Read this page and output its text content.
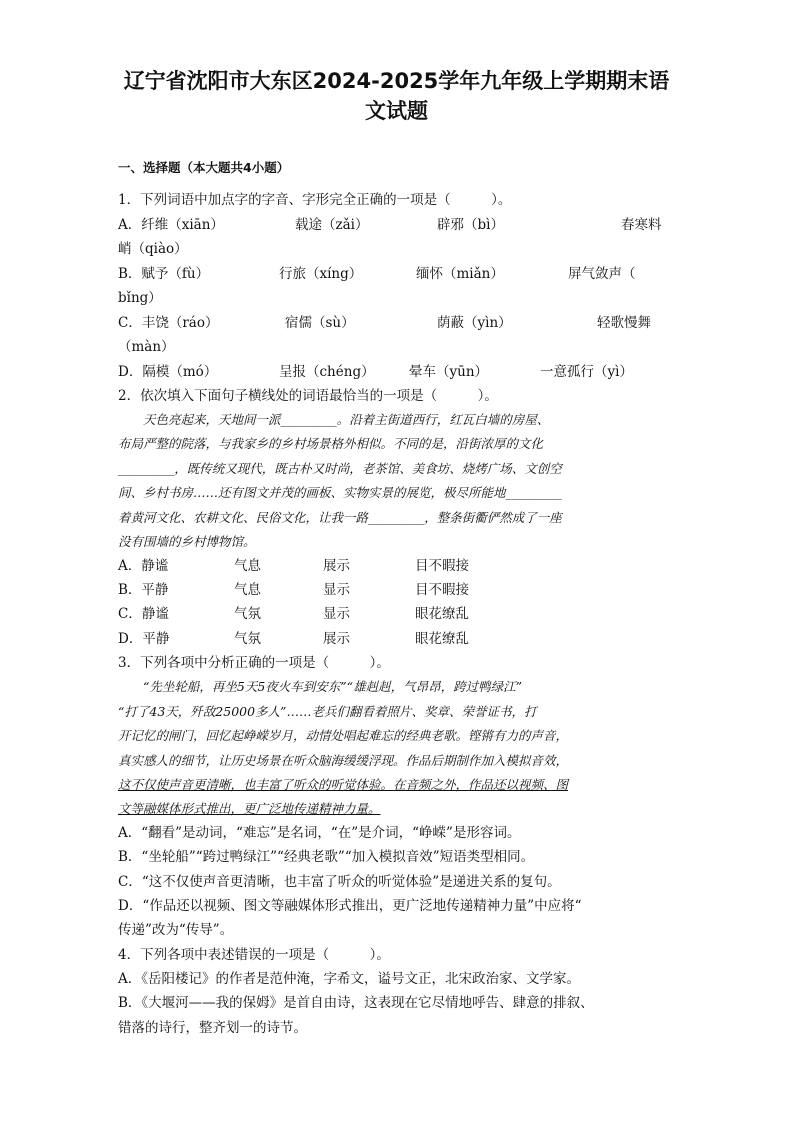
辽宁省沈阳市大东区2024-2025学年九年级上学期期末语
文试题
一、选择题（本大题共4小题）
1．下列词语中加点字的字音、字形完全正确的一项是（　　　）。
A．纤维（xiān）	载途（zǎi）	辟邪（bì）	春寒料
峭（qiào）
B．赋予（fù）	行旅（xíng）	缅怀（miǎn）	屏气敛声（
bǐng）
C．丰饶（ráo）	宿儒（sù）	荫蔽（yìn）	轻歌慢舞
（màn）
D．隔模（mó）	呈报（chéng）	晕车（yūn）	一意孤行（yì）
2．依次填入下面句子横线处的词语最恰当的一项是（　　　）。
　　天色亮起来，天地间一派_________。沿着主街道西行，红瓦白墙的房屋、
布局严整的院落，与我家乡的乡村场景格外相似。不同的是，沿街浓厚的文化
_________，既传统又现代，既古朴又时尚，老茶馆、美食坊、烧烤广场、文创空
间、乡村书房……还有图文并茂的画板、实物实景的展览，极尽所能地_________
着黄河文化、农耕文化、民俗文化，让我一路_________，整条街衢俨然成了一座
没有围墙的乡村博物馆。
A．静谧	气息	展示	目不暇接
B．平静	气息	显示	目不暇接
C．静谧	气氛	显示	眼花缭乱
D．平静	气氛	展示	眼花缭乱
3．下列各项中分析正确的一项是（　　　）。
　　“先坐轮船，再坐5天5夜火车到安东”“雄赳赳，气昂昂，跨过鸭绿江”
“打了43天，歼敌25000多人”……老兵们翻看着照片、奖章、荣誉证书，打
开记忆的闸门，回忆起峥嵘岁月，动情处唱起难忘的经典老歌。铿锵有力的声音，
真实感人的细节，让历史场景在听众脑海缓缓浮现。作品后期制作加入模拟音效，
这不仅使声音更清晰，也丰富了听众的听觉体验。在音频之外，作品还以视频、图
文等融媒体形式推出，更广泛地传递精神力量。
A．“翻看”是动词，“难忘”是名词，“在”是介词，“峥嵘”是形容词。
B．“坐轮船”“跨过鸭绿江”“经典老歌”“加入模拟音效”短语类型相同。
C．“这不仅使声音更清晰，也丰富了听众的听觉体验”是递进关系的复句。
D．“作品还以视频、图文等融媒体形式推出，更广泛地传递精神力量”中应将“
传递”改为“传导”。
4．下列各项中表述错误的一项是（　　　）。
A．《岳阳楼记》的作者是范仲淹，字希文，谥号文正，北宋政治家、文学家。
B．《大堰河——我的保姆》是首自由诗，这表现在它尽情地呼告、肆意的排叙、
错落的诗行，整齐划一的诗节。
